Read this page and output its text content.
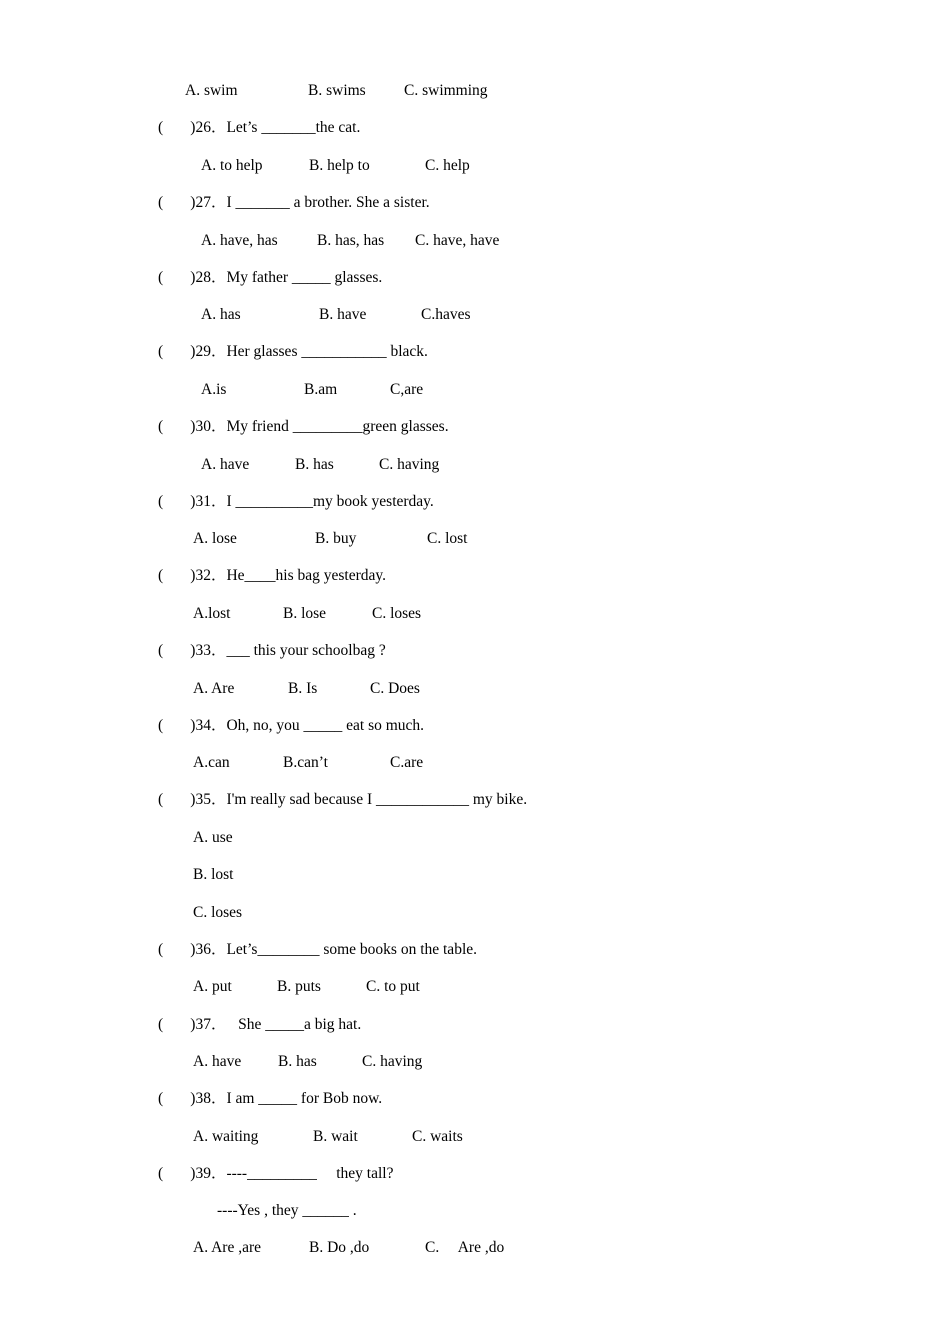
A. swim	B. swims C. swimming
(       )26．Let’s _______the cat.
A. to help	B. help to	C. help
(       )27．I _______ a brother. She a sister.
A. have, has	B. has, has C. have, have
(       )28．My father _____ glasses.
A. has	B. have	C.haves
(       )29．Her glasses ___________ black.
A.is	B.am	C,are
(       )30．My friend _________green glasses.
A. have	B. has	C. having
(       )31．I __________my book yesterday.
A. lose	B. buy	C. lost
(       )32．He____his bag yesterday.
A.lost	B. lose	C. loses
(       )33．___ this your schoolbag ?
A. Are	B. Is	C. Does
(       )34．Oh, no, you _____ eat so much.
A.can	B.can’t	C.are
(       )35．I'm really sad because I ____________ my bike.
A. use
B. lost
C. loses
(       )36．Let’s________ some books on the table.
A. put	B. puts	C. to put
(       )37．   She _____a big hat.
A. have B. has	C. having
(       )38．I am _____ for Bob now.
A. waiting	B. wait	C. waits
(       )39．----_________     they tall?
----Yes , they ______ .
A. Are ,are	B. Do ,do	C.     Are ,do
